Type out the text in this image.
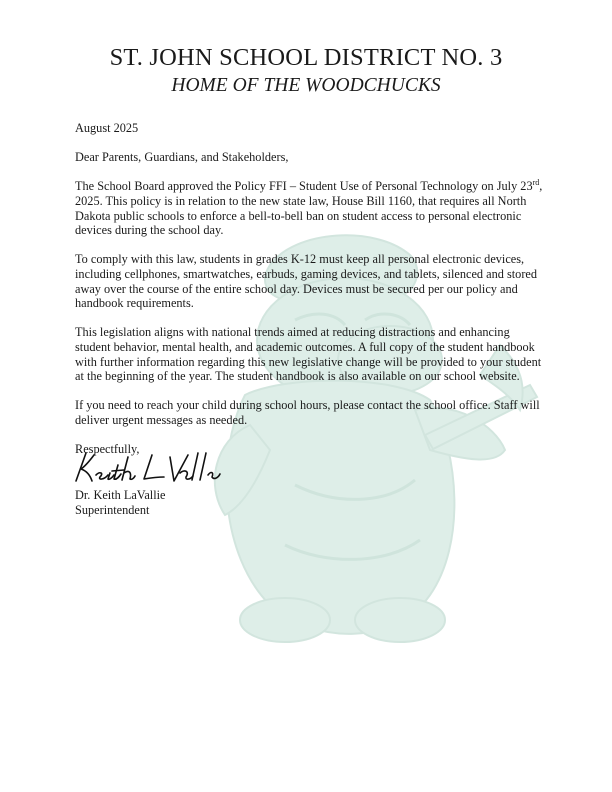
ST. JOHN SCHOOL DISTRICT NO. 3
HOME OF THE WOODCHUCKS

August 2025

Dear Parents, Guardians, and Stakeholders,

The School Board approved the Policy FFI – Student Use of Personal Technology on July 23rd, 2025. This policy is in relation to the new state law, House Bill 1160, that requires all North Dakota public schools to enforce a bell-to-bell ban on student access to personal electronic devices during the school day.

To comply with this law, students in grades K-12 must keep all personal electronic devices, including cellphones, smartwatches, earbuds, gaming devices, and tablets, silenced and stored away over the course of the entire school day. Devices must be secured per our policy and handbook requirements.

This legislation aligns with national trends aimed at reducing distractions and enhancing student behavior, mental health, and academic outcomes. A full copy of the student handbook with further information regarding this new legislative change will be provided to your student at the beginning of the year. The student handbook is also available on our school website.

If you need to reach your child during school hours, please contact the school office. Staff will deliver urgent messages as needed.

Respectfully,

Dr. Keith LaVallie
Superintendent
